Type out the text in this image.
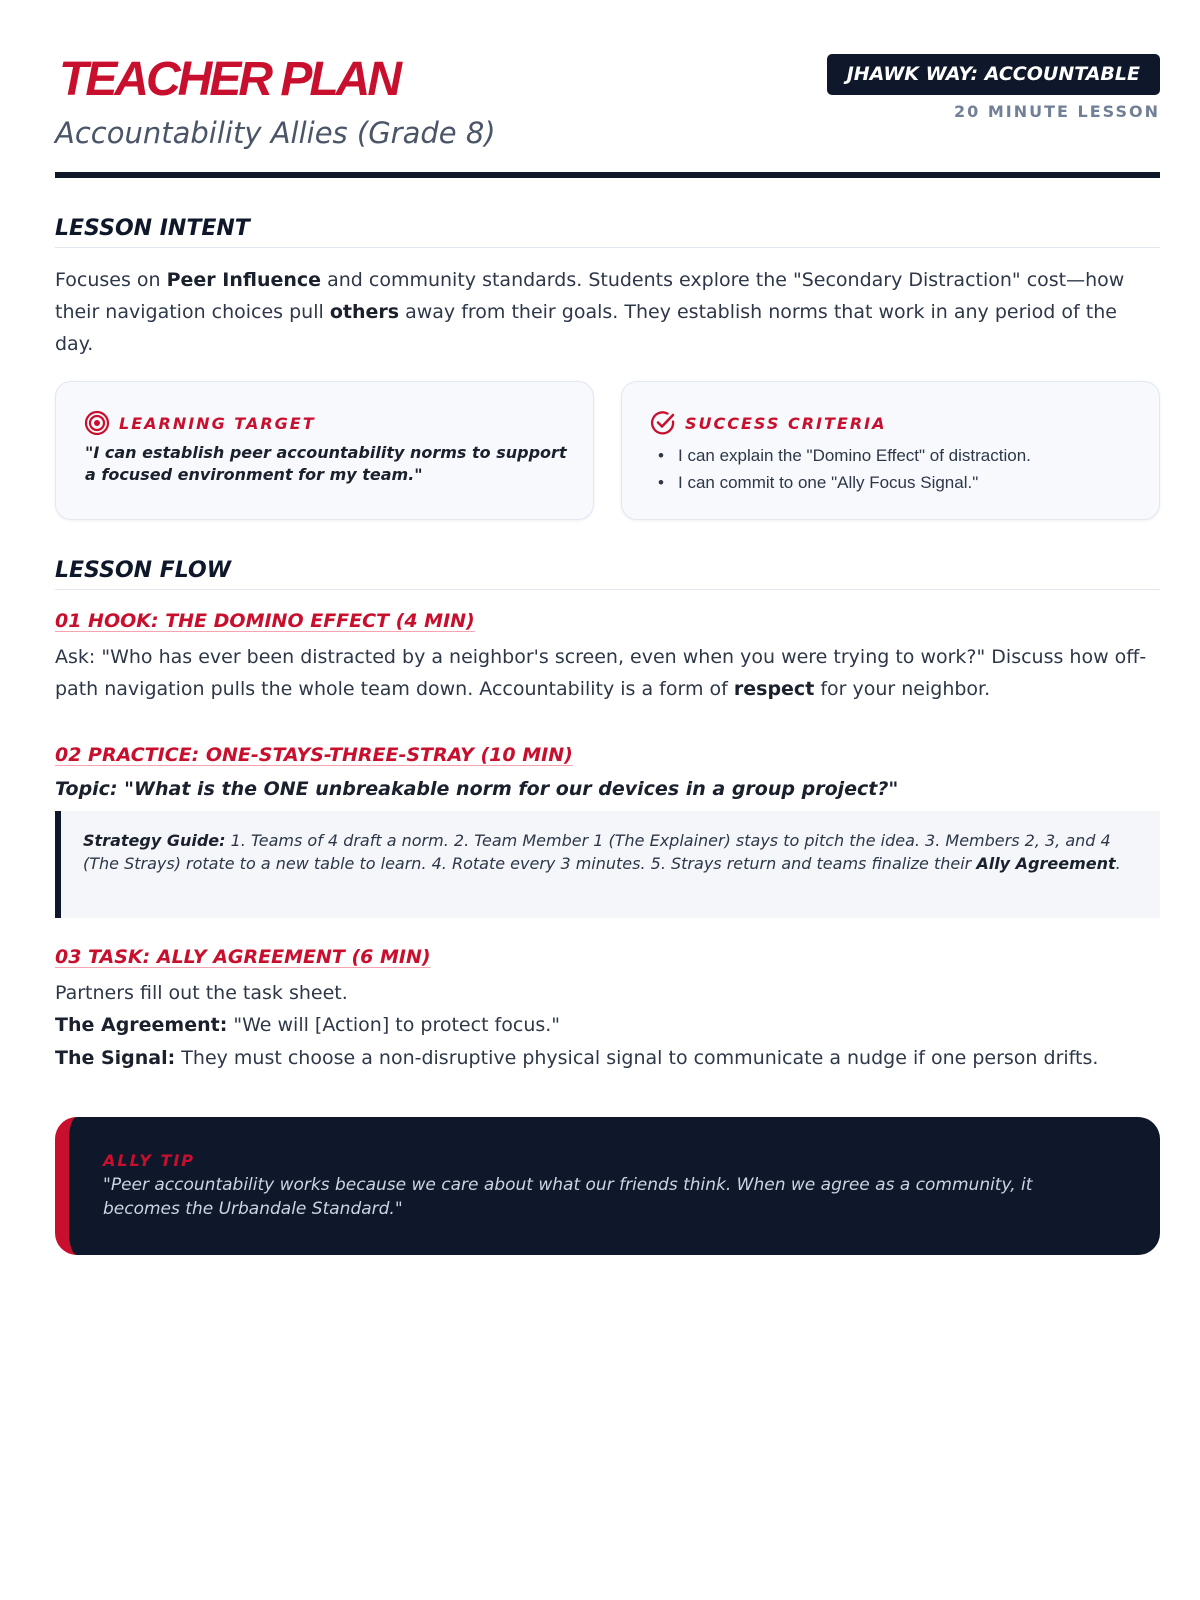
TEACHER PLAN
Accountability Allies (Grade 8)
JHAWK WAY: ACCOUNTABLE
20 MINUTE LESSON
LESSON INTENT
Focuses on Peer Influence and community standards. Students explore the "Secondary Distraction" cost—how their navigation choices pull others away from their goals. They establish norms that work in any period of the day.
LEARNING TARGET
"I can establish peer accountability norms to support a focused environment for my team."
SUCCESS CRITERIA
• I can explain the "Domino Effect" of distraction.
• I can commit to one "Ally Focus Signal."
LESSON FLOW
01 HOOK: THE DOMINO EFFECT (4 MIN)
Ask: "Who has ever been distracted by a neighbor's screen, even when you were trying to work?" Discuss how off-path navigation pulls the whole team down. Accountability is a form of respect for your neighbor.
02 PRACTICE: ONE-STAYS-THREE-STRAY (10 MIN)
Topic: "What is the ONE unbreakable norm for our devices in a group project?"
Strategy Guide: 1. Teams of 4 draft a norm. 2. Team Member 1 (The Explainer) stays to pitch the idea. 3. Members 2, 3, and 4 (The Strays) rotate to a new table to learn. 4. Rotate every 3 minutes. 5. Strays return and teams finalize their Ally Agreement.
03 TASK: ALLY AGREEMENT (6 MIN)
Partners fill out the task sheet.
The Agreement: "We will [Action] to protect focus."
The Signal: They must choose a non-disruptive physical signal to communicate a nudge if one person drifts.
ALLY TIP
"Peer accountability works because we care about what our friends think. When we agree as a community, it becomes the Urbandale Standard."
